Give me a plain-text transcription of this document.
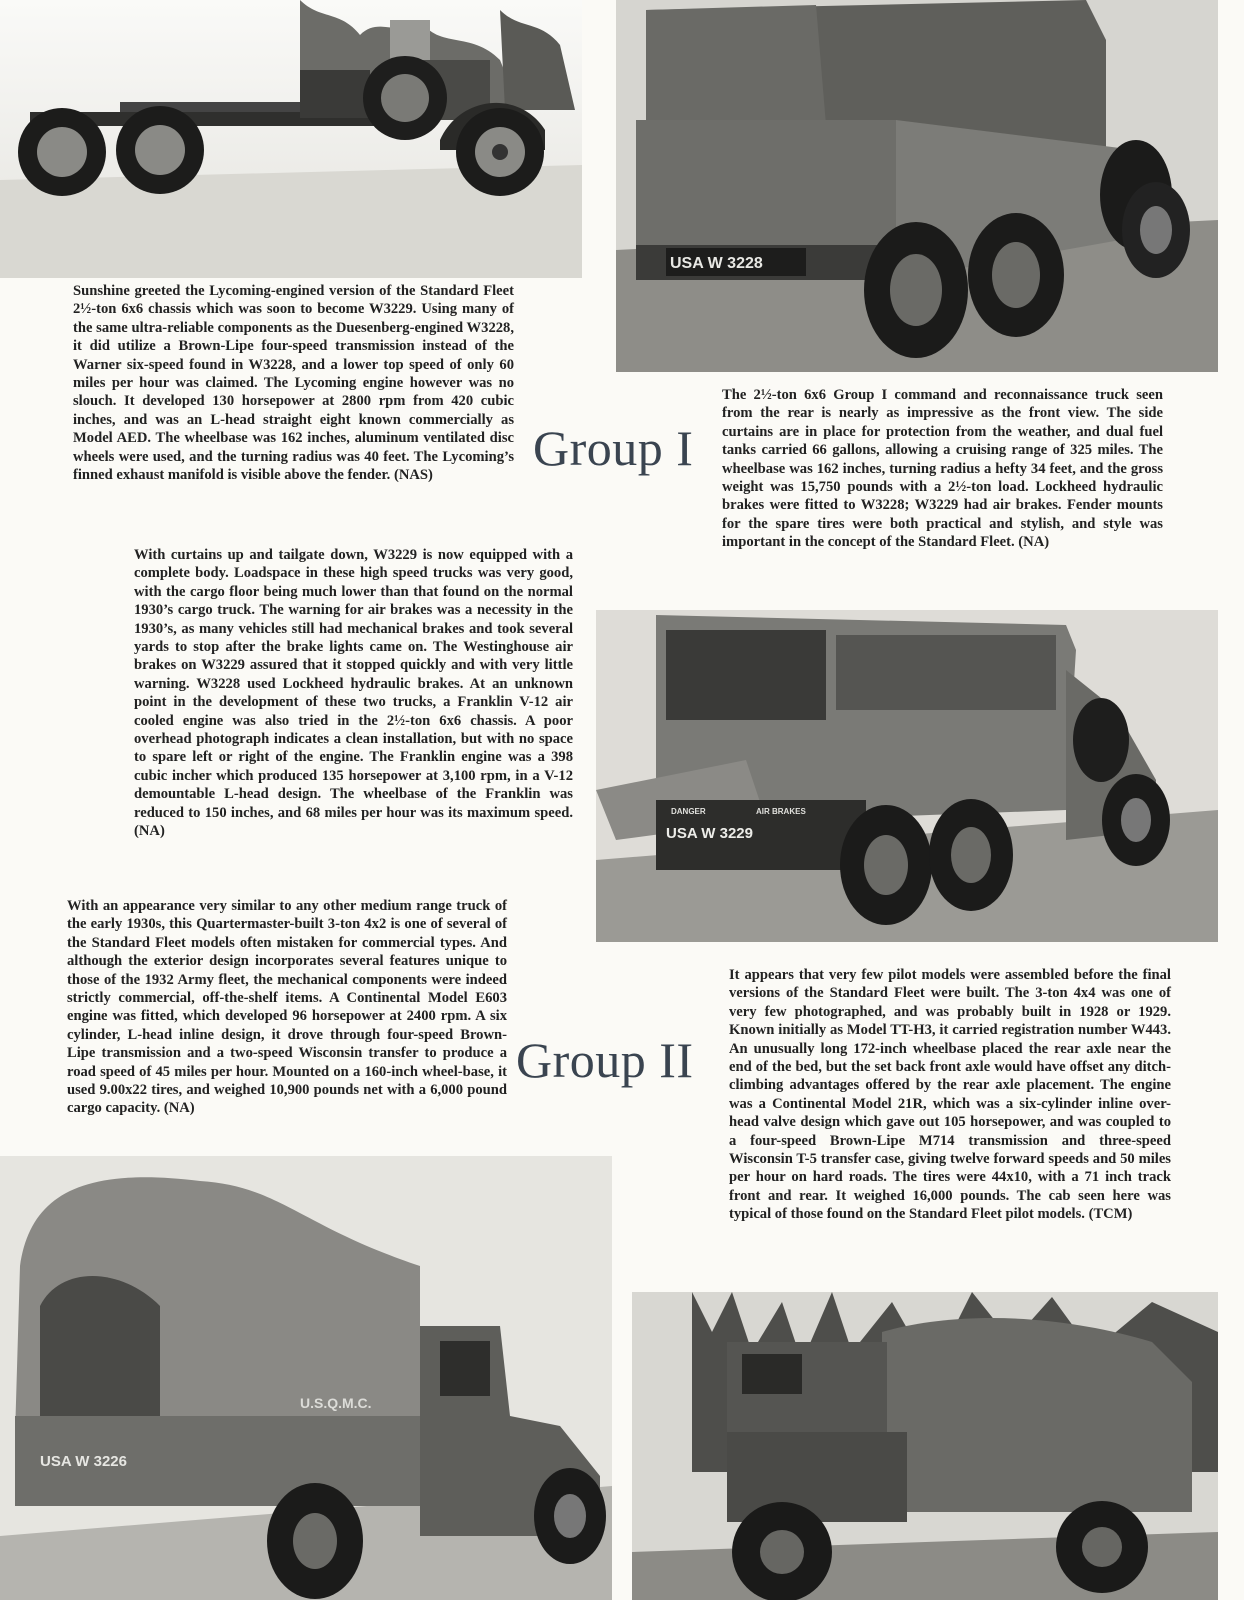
Sunshine greeted the Lycoming-engined version of the Standard Fleet 2½-ton 6x6 chassis which was soon to become W3229. Using many of the same ultra-reliable components as the Duesenberg-engined W3228, it did utilize a Brown-Lipe four-speed transmission instead of the Warner six-speed found in W3228, and a lower top speed of only 60 miles per hour was claimed. The Lycoming engine however was no slouch. It developed 130 horsepower at 2800 rpm from 420 cubic inches, and was an L-head straight eight known commercially as Model AED. The wheelbase was 162 inches, aluminum ventilated disc wheels were used, and the turning radius was 40 feet. The Lycoming’s finned exhaust manifold is visible above the fender. (NAS)

With curtains up and tailgate down, W3229 is now equipped with a complete body. Loadspace in these high speed trucks was very good, with the cargo floor being much lower than that found on the normal 1930’s cargo truck. The warning for air brakes was a necessity in the 1930’s, as many vehicles still had mechanical brakes and took several yards to stop after the brake lights came on. The Westinghouse air brakes on W3229 assured that it stopped quickly and with very little warning. W3228 used Lockheed hydraulic brakes. At an unknown point in the development of these two trucks, a Franklin V-12 air cooled engine was also tried in the 2½-ton 6x6 chassis. A poor overhead photograph indicates a clean installation, but with no space to spare left or right of the engine. The Franklin engine was a 398 cubic incher which produced 135 horsepower at 3,100 rpm, in a V-12 demountable L-head design. The wheelbase of the Franklin was reduced to 150 inches, and 68 miles per hour was its maximum speed. (NA)

Group I
USA W 3228

The 2½-ton 6x6 Group I command and reconnaissance truck seen from the rear is nearly as impressive as the front view. The side curtains are in place for protection from the weather, and dual fuel tanks carried 66 gallons, allowing a cruising range of 325 miles. The wheelbase was 162 inches, turning radius a hefty 34 feet, and the gross weight was 15,750 pounds with a 2½-ton load. Lockheed hydraulic brakes were fitted to W3228; W3229 had air brakes. Fender mounts for the spare tires were both practical and stylish, and style was important in the concept of the Standard Fleet. (NA)

DANGER	AIR BRAKES
USA W 3229

With an appearance very similar to any other medium range truck of the early 1930s, this Quartermaster-built 3-ton 4x2 is one of several of the Standard Fleet models often mistaken for commercial types. And although the exterior design incorporates several features unique to those of the 1932 Army fleet, the mechanical components were indeed strictly commercial, off-the-shelf items. A Continental Model E603 engine was fitted, which developed 96 horsepower at 2400 rpm. A six cylinder, L-head inline design, it drove through four-speed Brown-Lipe transmission and a two-speed Wisconsin transfer to produce a road speed of 45 miles per hour. Mounted on a 160-inch wheel-base, it used 9.00x22 tires, and weighed 10,900 pounds net with a 6,000 pound cargo capacity. (NA)

Group II

It appears that very few pilot models were assembled before the final versions of the Standard Fleet were built. The 3-ton 4x4 was one of very few photographed, and was probably built in 1928 or 1929. Known initially as Model TT-H3, it carried registration number W443. An unusually long 172-inch wheelbase placed the rear axle near the end of the bed, but the set back front axle would have offset any ditch-climbing advantages offered by the rear axle placement. The engine was a Continental Model 21R, which was a six-cylinder inline over-head valve design which gave out 105 horsepower, and was coupled to a four-speed Brown-Lipe M714 transmission and three-speed Wisconsin T-5 transfer case, giving twelve forward speeds and 50 miles per hour on hard roads. The tires were 44x10, with a 71 inch track front and rear. It weighed 16,000 pounds. The cab seen here was typical of those found on the Standard Fleet pilot models. (TCM)

U.S.Q.M.C.
USA W 3226
